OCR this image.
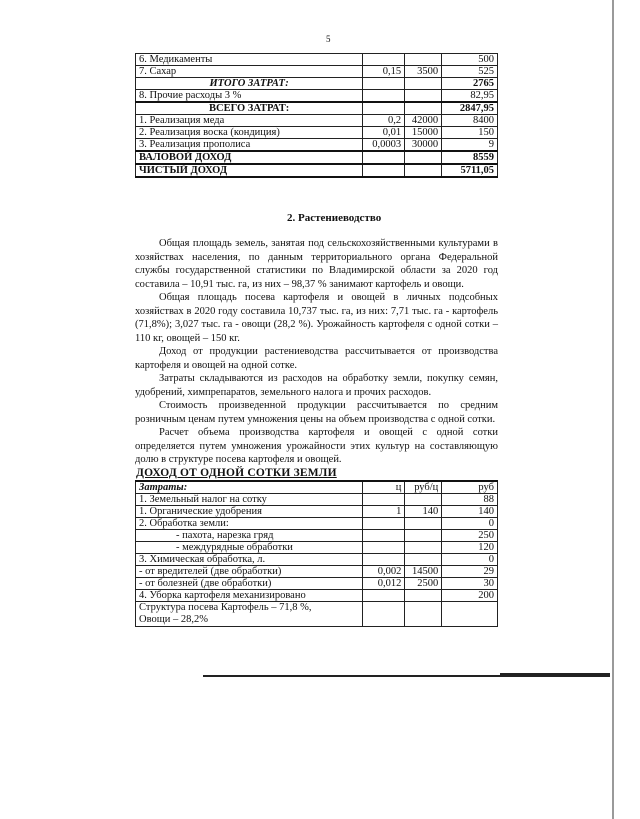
5
6. Медикаменты			500
7. Сахар	0,15	3500	525
ИТОГО ЗАТРАТ:			2765
8. Прочие расходы 3 %			82,95
ВСЕГО ЗАТРАТ:			2847,95
1. Реализация меда	0,2	42000	8400
2. Реализация воска (кондиция)	0,01	15000	150
3. Реализация прополиса	0,0003	30000	9
ВАЛОВОЙ ДОХОД			8559
ЧИСТЫЙ ДОХОД			5711,05
2. Растениеводство

Общая площадь земель, занятая под сельскохозяйственными культурами в хозяйствах населения, по данным территориального органа Федеральной службы государственной статистики по Владимирской области за 2020 год составила – 10,91 тыс. га, из них – 98,37 % занимают картофель и овощи.

Общая площадь посева картофеля и овощей в личных подсобных хозяйствах в 2020 году составила 10,737 тыс. га, из них: 7,71 тыс. га - картофель (71,8%); 3,027 тыс. га - овощи (28,2 %). Урожайность картофеля с одной сотки – 110 кг, овощей – 150 кг.

Доход от продукции растениеводства рассчитывается от производства картофеля и овощей на одной сотке.

Затраты складываются из расходов на обработку земли, покупку семян, удобрений, химпрепаратов, земельного налога и прочих расходов.

Стоимость произведенной продукции рассчитывается по средним розничным ценам путем умножения цены на объем производства с одной сотки.

Расчет объема производства картофеля и овощей с одной сотки определяется путем умножения урожайности этих культур на составляющую долю в структуре посева картофеля и овощей.

ДОХОД ОТ ОДНОЙ СОТКИ ЗЕМЛИ
Затраты:	ц	руб/ц	руб
1. Земельный налог на сотку			88
1. Органические удобрения	1	140	140
2. Обработка земли:			0
- пахота, нарезка гряд			250
- междурядные обработки			120
3. Химическая обработка, л.			0
- от вредителей (две обработки)	0,002	14500	29
- от болезней (две обработки)	0,012	2500	30
4. Уборка картофеля механизировано			200

Структура посева Картофель – 71,8 %,
Овощи – 28,2%			
